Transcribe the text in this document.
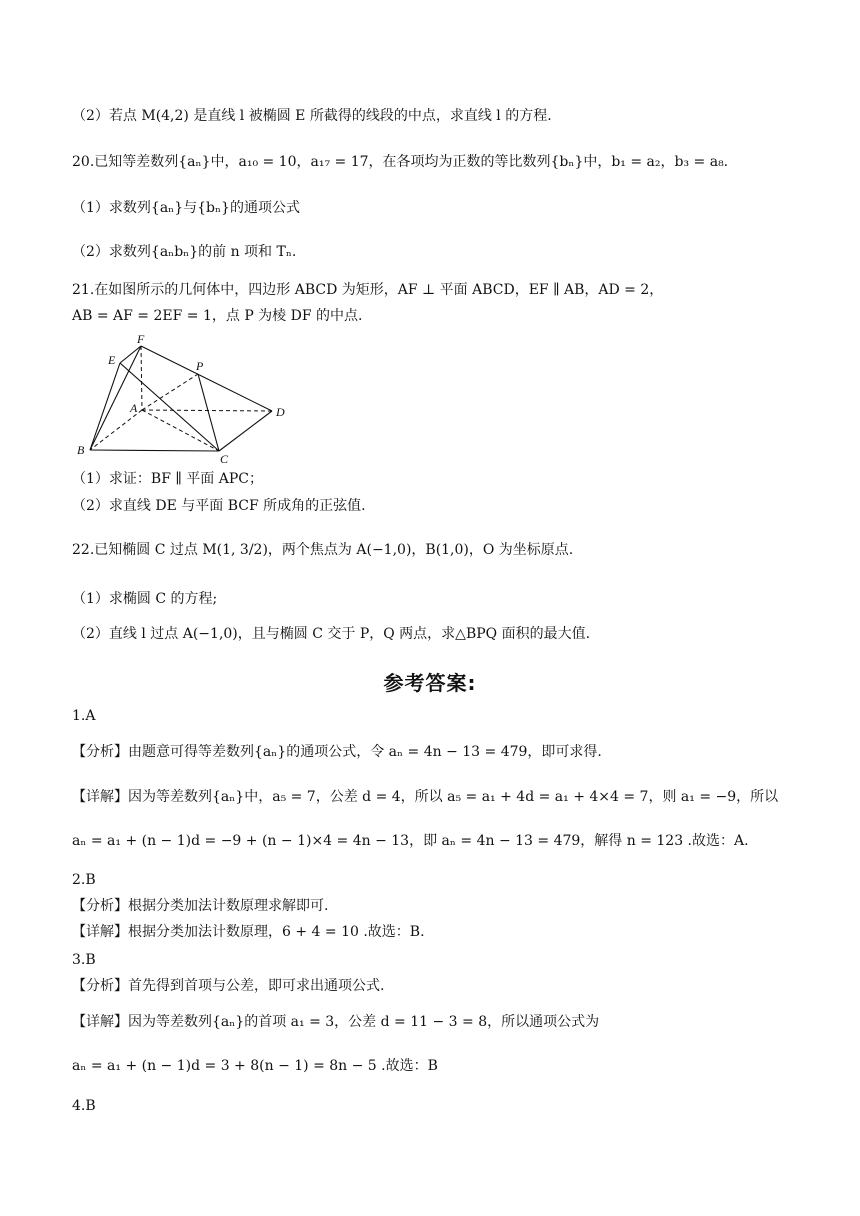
（2）若点 M(4,2) 是直线 l 被椭圆 E 所截得的线段的中点，求直线 l 的方程.
20.已知等差数列{aₙ}中，a₁₀ = 10，a₁₇ = 17，在各项均为正数的等比数列{bₙ}中，b₁ = a₂，b₃ = a₈.
（1）求数列{aₙ}与{bₙ}的通项公式
（2）求数列{aₙbₙ}的前 n 项和 Tₙ.
21.在如图所示的几何体中，四边形 ABCD 为矩形，AF ⊥ 平面 ABCD，EF ∥ AB，AD = 2，
AB = AF = 2EF = 1，点 P 为棱 DF 的中点.
F
E	P
A	D
B
C
（1）求证：BF ∥ 平面 APC；
（2）求直线 DE 与平面 BCF 所成角的正弦值.
22.已知椭圆 C 过点 M(1, 3/2)，两个焦点为 A(−1,0)，B(1,0)，O 为坐标原点.
（1）求椭圆 C 的方程;
（2）直线 l 过点 A(−1,0)，且与椭圆 C 交于 P，Q 两点，求△BPQ 面积的最大值.
参考答案:
1.A
【分析】由题意可得等差数列{aₙ}的通项公式，令 aₙ = 4n − 13 = 479，即可求得.
【详解】因为等差数列{aₙ}中，a₅ = 7，公差 d = 4，所以 a₅ = a₁ + 4d = a₁ + 4×4 = 7，则 a₁ = −9，所以
aₙ = a₁ + (n − 1)d = −9 + (n − 1)×4 = 4n − 13，即 aₙ = 4n − 13 = 479，解得 n = 123 .故选：A.
2.B
【分析】根据分类加法计数原理求解即可.
【详解】根据分类加法计数原理，6 + 4 = 10 .故选：B.
3.B
【分析】首先得到首项与公差，即可求出通项公式.
【详解】因为等差数列{aₙ}的首项 a₁ = 3，公差 d = 11 − 3 = 8，所以通项公式为
aₙ = a₁ + (n − 1)d = 3 + 8(n − 1) = 8n − 5 .故选：B
4.B
